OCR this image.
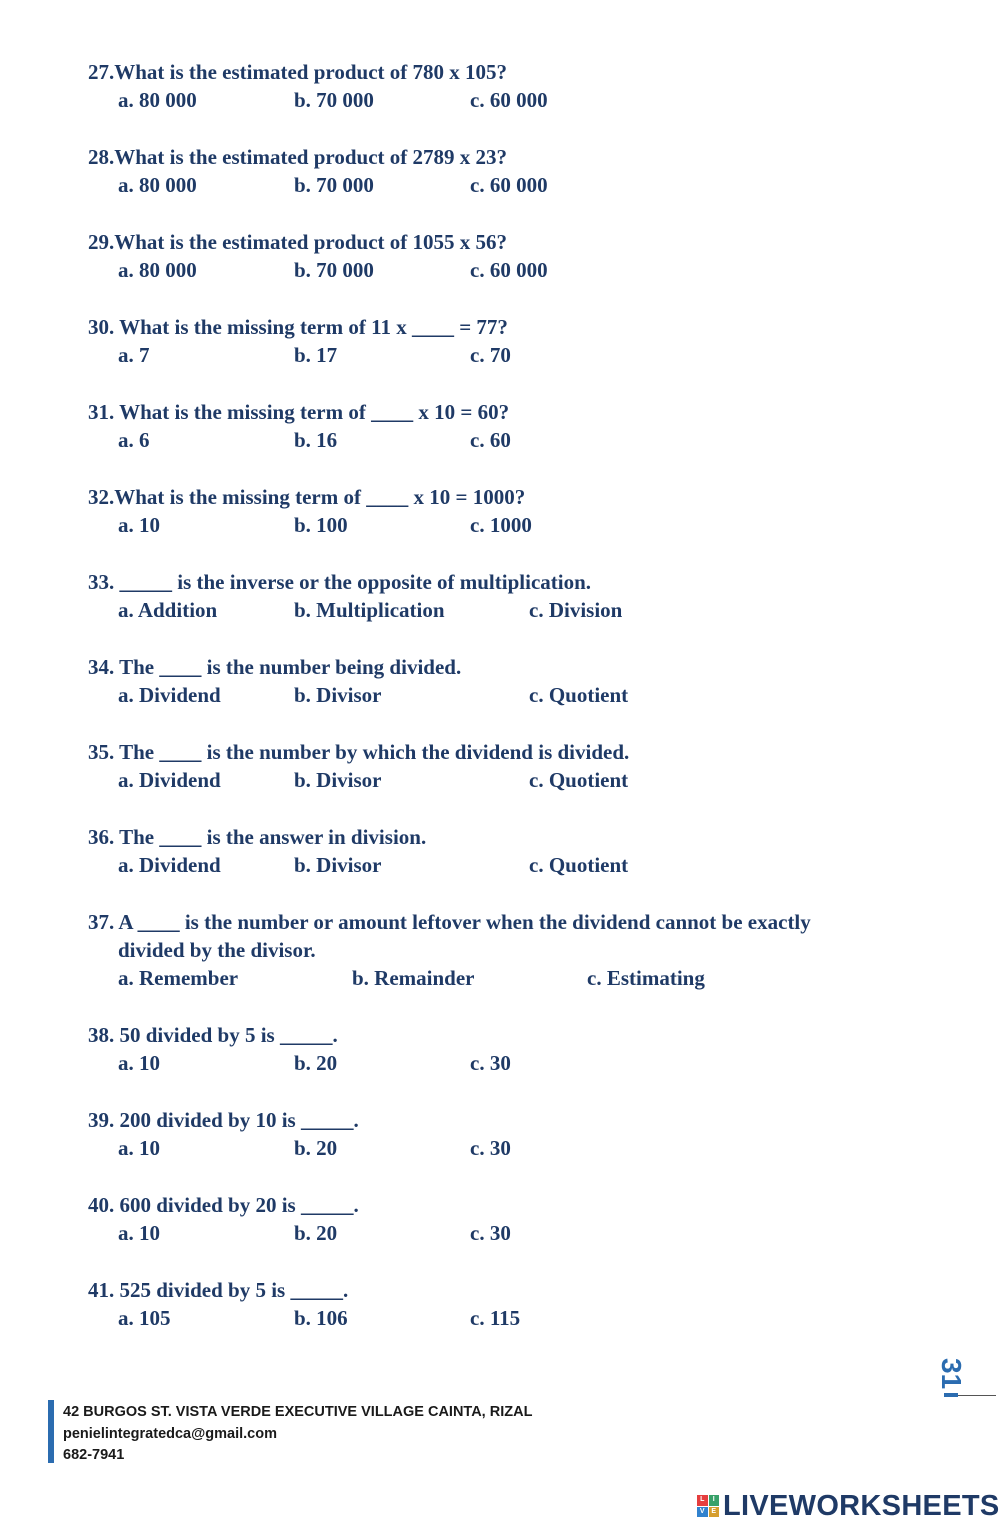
27.What is the estimated product of 780 x 105?
a. 80 000	b. 70 000	c. 60 000
28.What is the estimated product of 2789 x 23?
a. 80 000	b. 70 000	c. 60 000
29.What is the estimated product of 1055 x 56?
a. 80 000	b. 70 000	c. 60 000
30. What is the missing term of 11 x ____ = 77?
a. 7	b. 17	c. 70
31. What is the missing term of ____ x 10 = 60?
a. 6	b. 16	c. 60
32.What is the missing term of ____ x 10 = 1000?
a. 10	b. 100	c. 1000
33. _____ is the inverse or the opposite of multiplication.
a. Addition	b. Multiplication	c. Division
34. The ____ is the number being divided.
a. Dividend	b. Divisor	c. Quotient
35. The ____ is the number by which the dividend is divided.
a. Dividend	b. Divisor	c. Quotient
36. The ____ is the answer in division.
a. Dividend	b. Divisor	c. Quotient
37. A ____ is the number or amount leftover when the dividend cannot be exactly
divided by the divisor.
a. Remember	b. Remainder	c. Estimating
38. 50 divided by 5 is _____.
a. 10	b. 20	c. 30
39. 200 divided by 10 is _____.
a. 10	b. 20	c. 30
40. 600 divided by 20 is _____.
a. 10	b. 20	c. 30
41. 525 divided by 5 is _____.
a. 105	b. 106	c. 115
31
42 BURGOS ST. VISTA VERDE EXECUTIVE VILLAGE CAINTA, RIZAL
penielintegratedca@gmail.com
682-7941
L	I
V E LIVEWORKSHEETS
